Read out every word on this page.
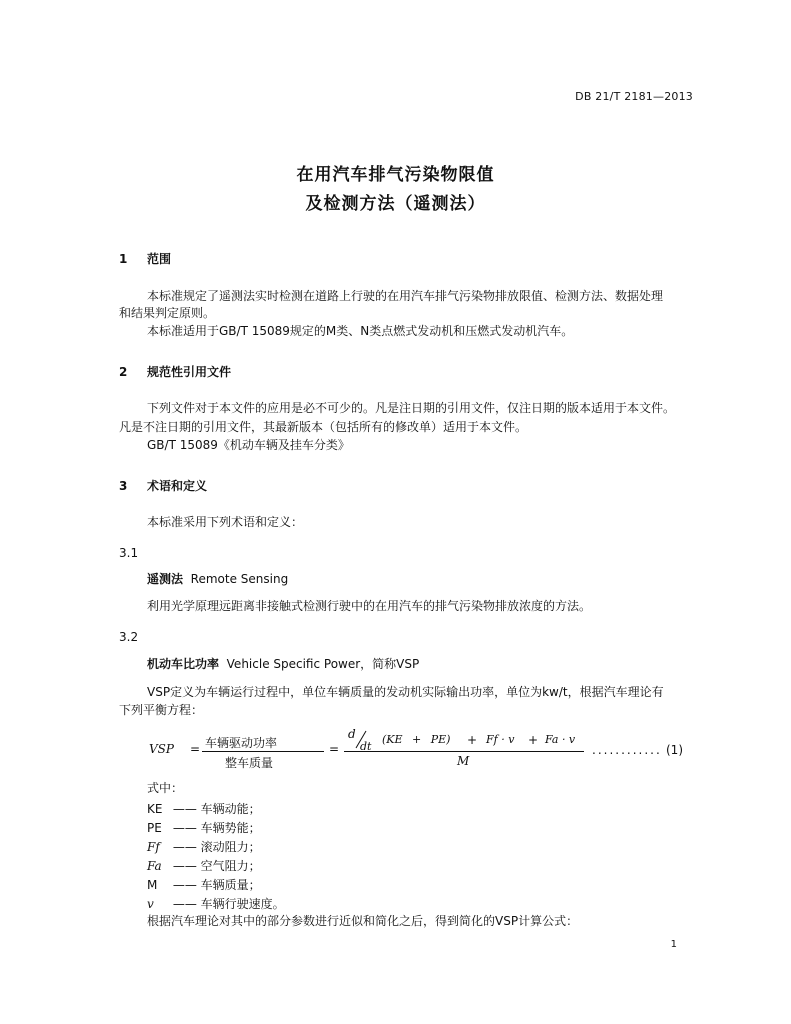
DB 21/T 2181—2013
在用汽车排气污染物限值
及检测方法（遥测法）
1 范围
本标准规定了遥测法实时检测在道路上行驶的在用汽车排气污染物排放限值、检测方法、数据处理
和结果判定原则。
本标准适用于GB/T 15089规定的M类、N类点燃式发动机和压燃式发动机汽车。
2 规范性引用文件
下列文件对于本文件的应用是必不可少的。凡是注日期的引用文件，仅注日期的版本适用于本文件。
凡是不注日期的引用文件，其最新版本（包括所有的修改单）适用于本文件。
GB/T 15089《机动车辆及挂车分类》
3 术语和定义
本标准采用下列术语和定义：
3.1
遥测法 Remote Sensing
利用光学原理远距离非接触式检测行驶中的在用汽车的排气污染物排放浓度的方法。
3.2
机动车比功率 Vehicle Specific Power，简称VSP
VSP定义为车辆运行过程中，单位车辆质量的发动机实际输出功率，单位为kw/t，根据汽车理论有
下列平衡方程：
VSP = 车辆驱动功率
整车质量
=
d
dt
(KE + PE) + Ff · v + Fa · v
M
............ (1)
式中：
KE —— 车辆动能；
PE —— 车辆势能；
Ff —— 滚动阻力；
Fa —— 空气阻力；
M —— 车辆质量；
v —— 车辆行驶速度。
根据汽车理论对其中的部分参数进行近似和简化之后，得到简化的VSP计算公式：
1
